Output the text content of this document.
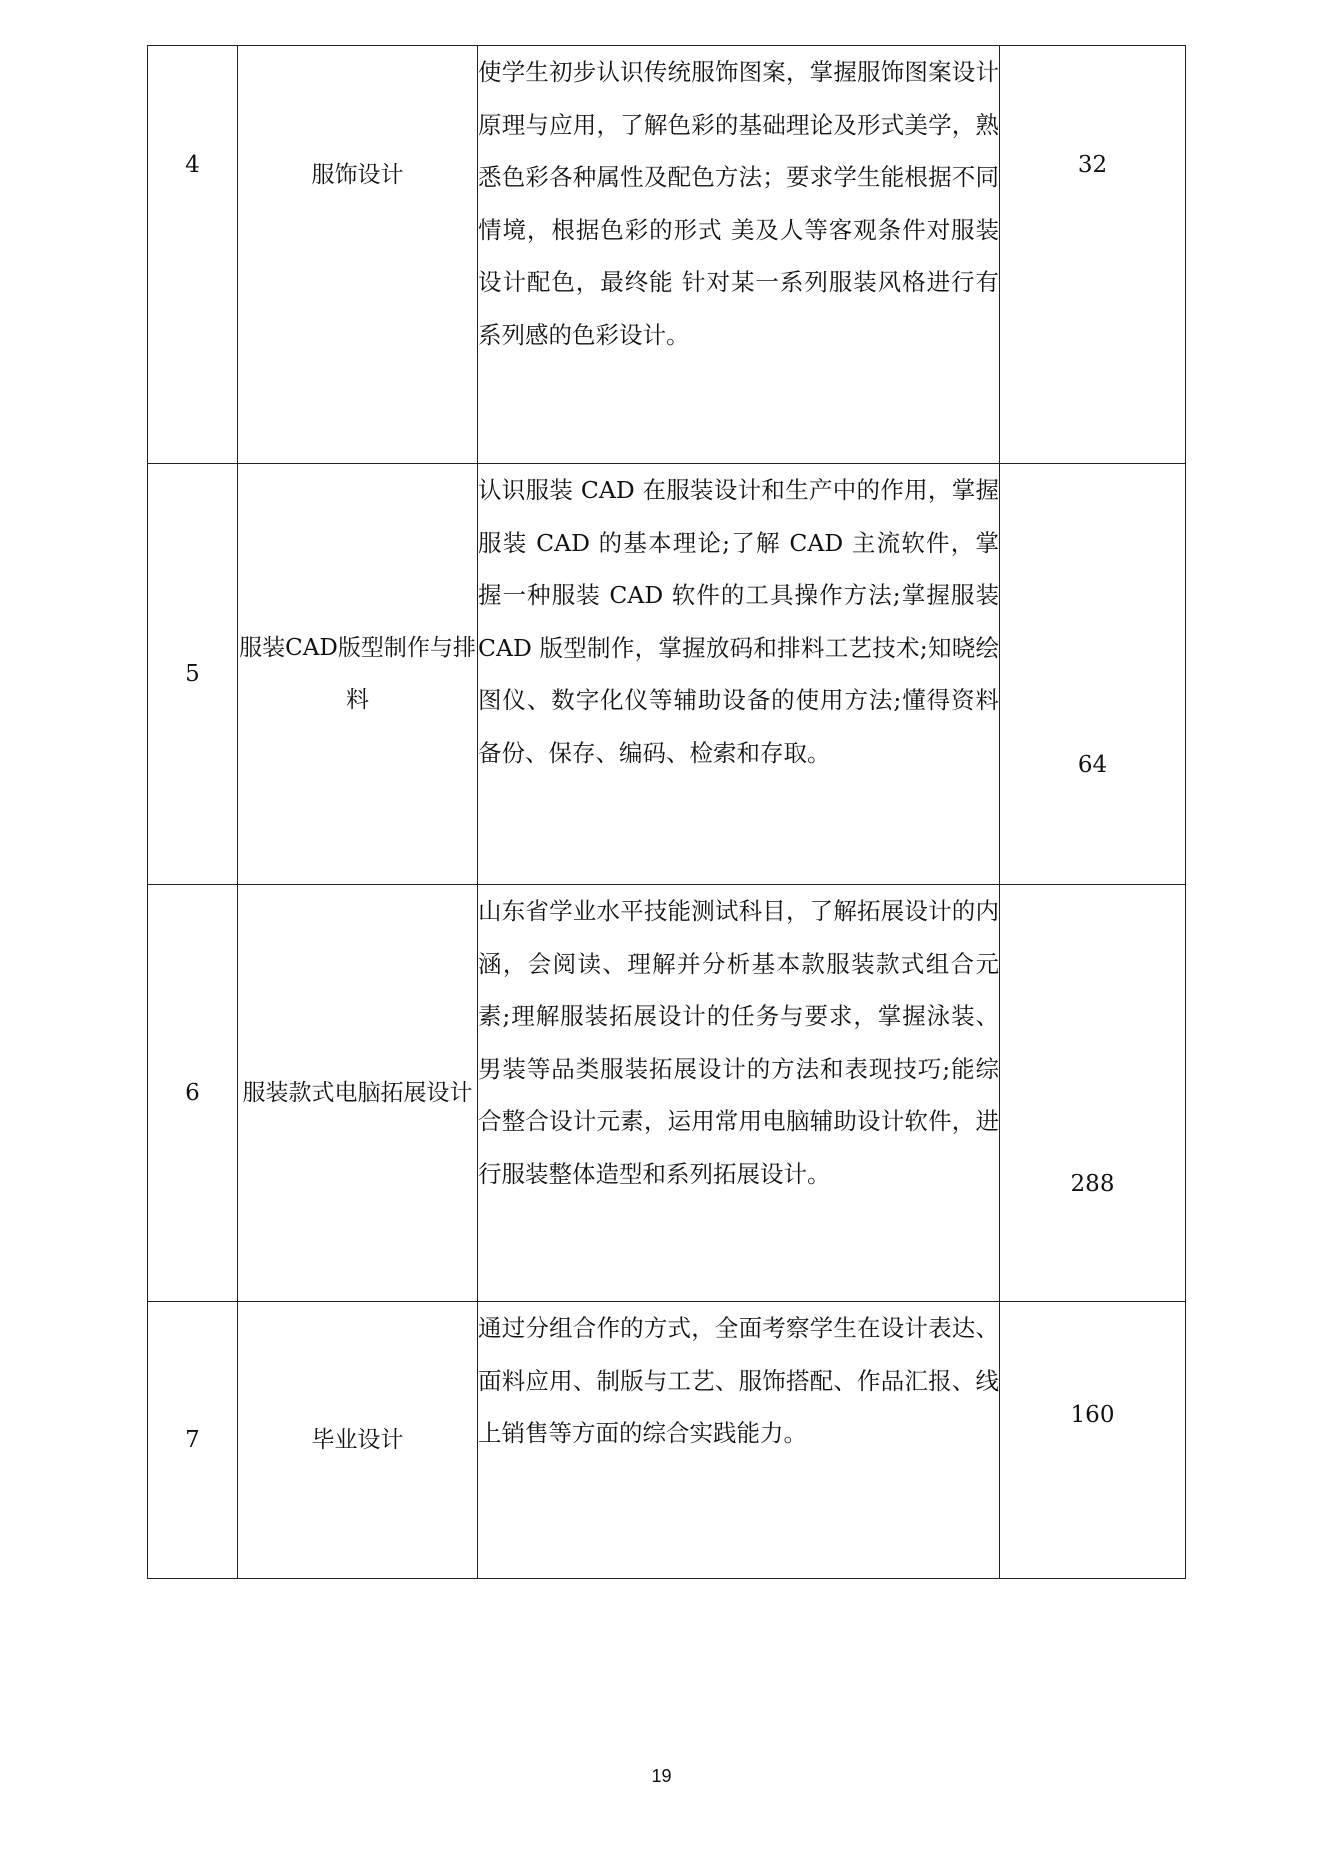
4	服饰设计	使学生初步认识传统服饰图案，掌握服饰图案设计原理与应用，了解色彩的基础理论及形式美学，熟悉色彩各种属性及配色方法；要求学生能根据不同情境，根据色彩的形式 美及人等客观条件对服装设计配色，最终能 针对某一系列服装风格进行有系列感的色彩设计。	32
5	服装CAD版型制作与排料	认识服装 CAD 在服装设计和生产中的作用，掌握服装 CAD 的基本理论;了解 CAD 主流软件，掌握一种服装 CAD 软件的工具操作方法;掌握服装 CAD 版型制作，掌握放码和排料工艺技术;知晓绘图仪、数字化仪等辅助设备的使用方法;懂得资料备份、保存、编码、检索和存取。	64
6	服装款式电脑拓展设计	山东省学业水平技能测试科目，了解拓展设计的内涵，会阅读、理解并分析基本款服装款式组合元素;理解服装拓展设计的任务与要求，掌握泳装、男装等品类服装拓展设计的方法和表现技巧;能综合整合设计元素，运用常用电脑辅助设计软件，进行服装整体造型和系列拓展设计。	288
7	毕业设计	通过分组合作的方式，全面考察学生在设计表达、面料应用、制版与工艺、服饰搭配、作品汇报、线上销售等方面的综合实践能力。	160
19
